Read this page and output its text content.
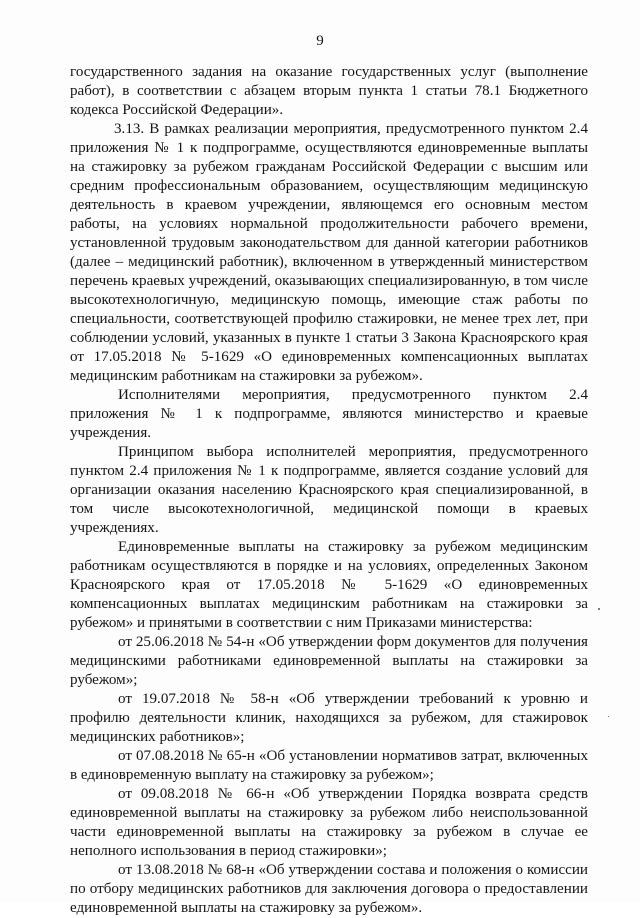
9

государственного задания на оказание государственных услуг (выполнение работ), в соответствии с абзацем вторым пункта 1 статьи 78.1 Бюджетного кодекса Российской Федерации».

3.13. В рамках реализации мероприятия, предусмотренного пунктом 2.4 приложения № 1 к подпрограмме, осуществляются единовременные выплаты на стажировку за рубежом гражданам Российской Федерации с высшим или средним профессиональным образованием, осуществляющим медицинскую деятельность в краевом учреждении, являющемся его основным местом работы, на условиях нормальной продолжительности рабочего времени, установленной трудовым законодательством для данной категории работников (далее – медицинский работник), включенном в утвержденный министерством перечень краевых учреждений, оказывающих специализированную, в том числе высокотехнологичную, медицинскую помощь, имеющие стаж работы по специальности, соответствующей профилю стажировки, не менее трех лет, при соблюдении условий, указанных в пункте 1 статьи 3 Закона Красноярского края от 17.05.2018 № 5-1629 «О единовременных компенсационных выплатах медицинским работникам на стажировки за рубежом».

Исполнителями мероприятия, предусмотренного пунктом 2.4 приложения № 1 к подпрограмме, являются министерство и краевые учреждения.

Принципом выбора исполнителей мероприятия, предусмотренного пунктом 2.4 приложения № 1 к подпрограмме, является создание условий для организации оказания населению Красноярского края специализированной, в том числе высокотехнологичной, медицинской помощи в краевых учреждениях.

Единовременные выплаты на стажировку за рубежом медицинским работникам осуществляются в порядке и на условиях, определенных Законом Красноярского края от 17.05.2018 № 5-1629 «О единовременных компенсационных выплатах медицинским работникам на стажировки за рубежом» и принятыми в соответствии с ним Приказами министерства:

от 25.06.2018 № 54-н «Об утверждении форм документов для получения медицинскими работниками единовременной выплаты на стажировки за рубежом»;

от 19.07.2018 № 58-н «Об утверждении требований к уровню и профилю деятельности клиник, находящихся за рубежом, для стажировок медицинских работников»;

от 07.08.2018 № 65-н «Об установлении нормативов затрат, включенных в единовременную выплату на стажировку за рубежом»;

от 09.08.2018 № 66-н «Об утверждении Порядка возврата средств единовременной выплаты на стажировку за рубежом либо неиспользованной части единовременной выплаты на стажировку за рубежом в случае ее неполного использования в период стажировки»;

от 13.08.2018 № 68-н «Об утверждении состава и положения о комиссии по отбору медицинских работников для заключения договора о предоставлении единовременной выплаты на стажировку за рубежом».
